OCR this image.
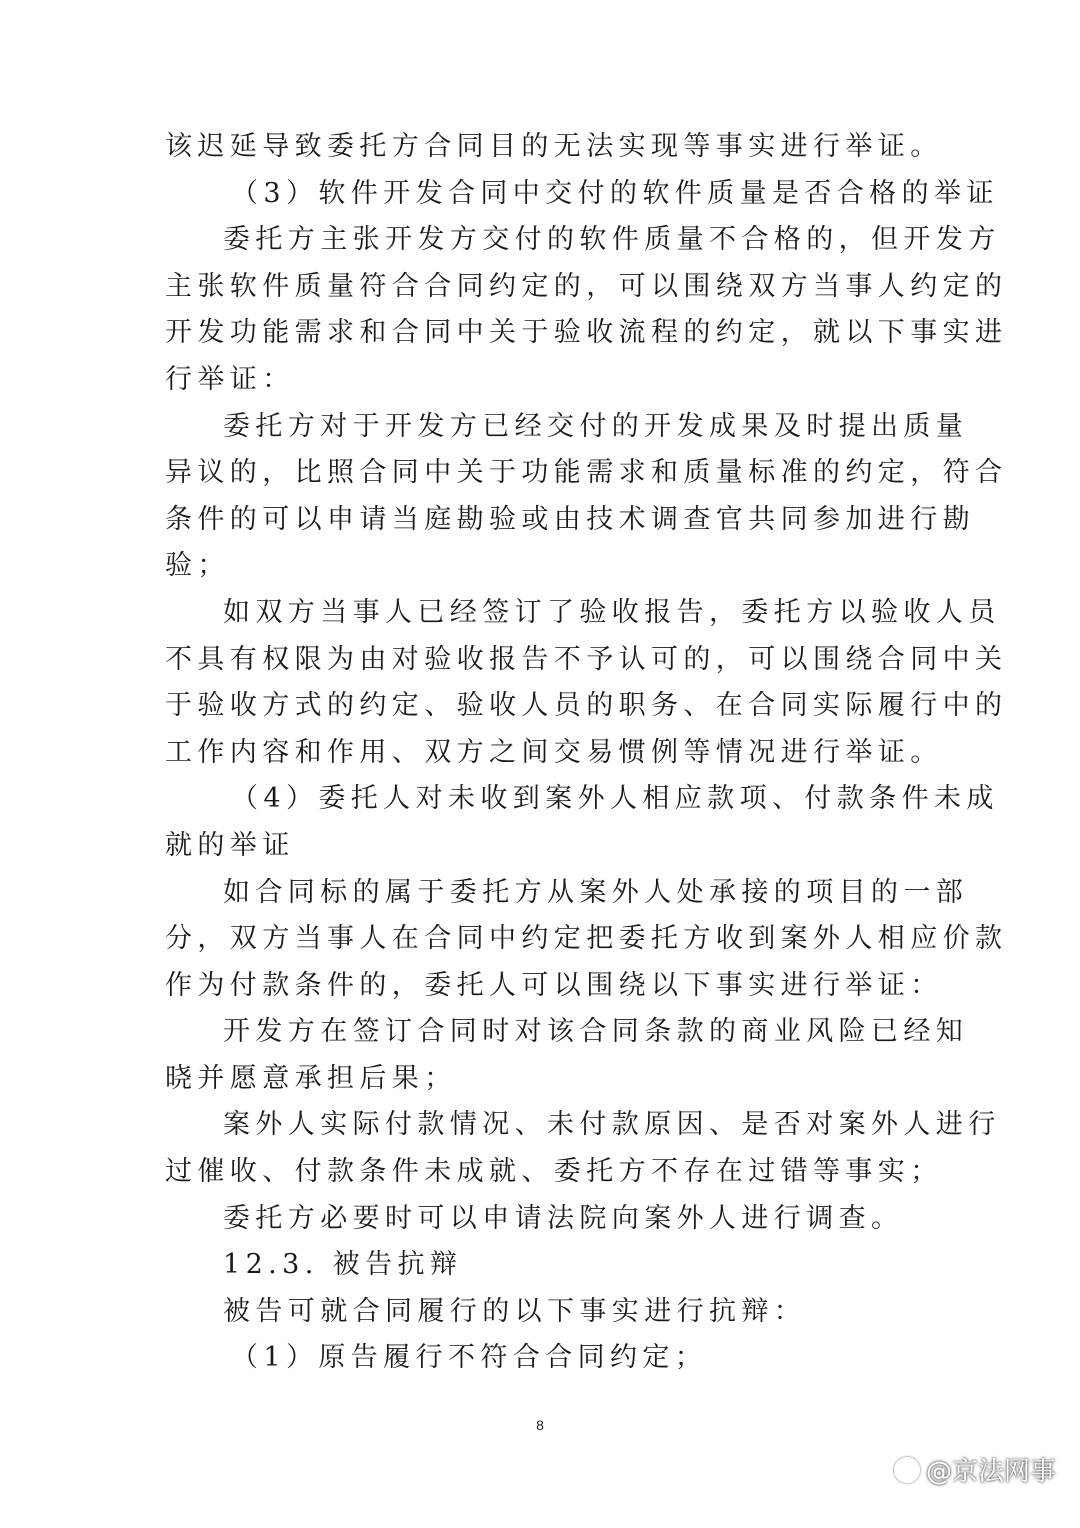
该迟延导致委托方合同目的无法实现等事实进行举证。
（3）软件开发合同中交付的软件质量是否合格的举证
委托方主张开发方交付的软件质量不合格的，但开发方
主张软件质量符合合同约定的，可以围绕双方当事人约定的
开发功能需求和合同中关于验收流程的约定，就以下事实进
行举证：
委托方对于开发方已经交付的开发成果及时提出质量
异议的，比照合同中关于功能需求和质量标准的约定，符合
条件的可以申请当庭勘验或由技术调查官共同参加进行勘
验；
如双方当事人已经签订了验收报告，委托方以验收人员
不具有权限为由对验收报告不予认可的，可以围绕合同中关
于验收方式的约定、验收人员的职务、在合同实际履行中的
工作内容和作用、双方之间交易惯例等情况进行举证。
（4）委托人对未收到案外人相应款项、付款条件未成
就的举证
如合同标的属于委托方从案外人处承接的项目的一部
分，双方当事人在合同中约定把委托方收到案外人相应价款
作为付款条件的，委托人可以围绕以下事实进行举证：
开发方在签订合同时对该合同条款的商业风险已经知
晓并愿意承担后果；
案外人实际付款情况、未付款原因、是否对案外人进行
过催收、付款条件未成就、委托方不存在过错等事实；
委托方必要时可以申请法院向案外人进行调查。
12.3. 被告抗辩
被告可就合同履行的以下事实进行抗辩：
（1）原告履行不符合合同约定；
8
@京法网事
